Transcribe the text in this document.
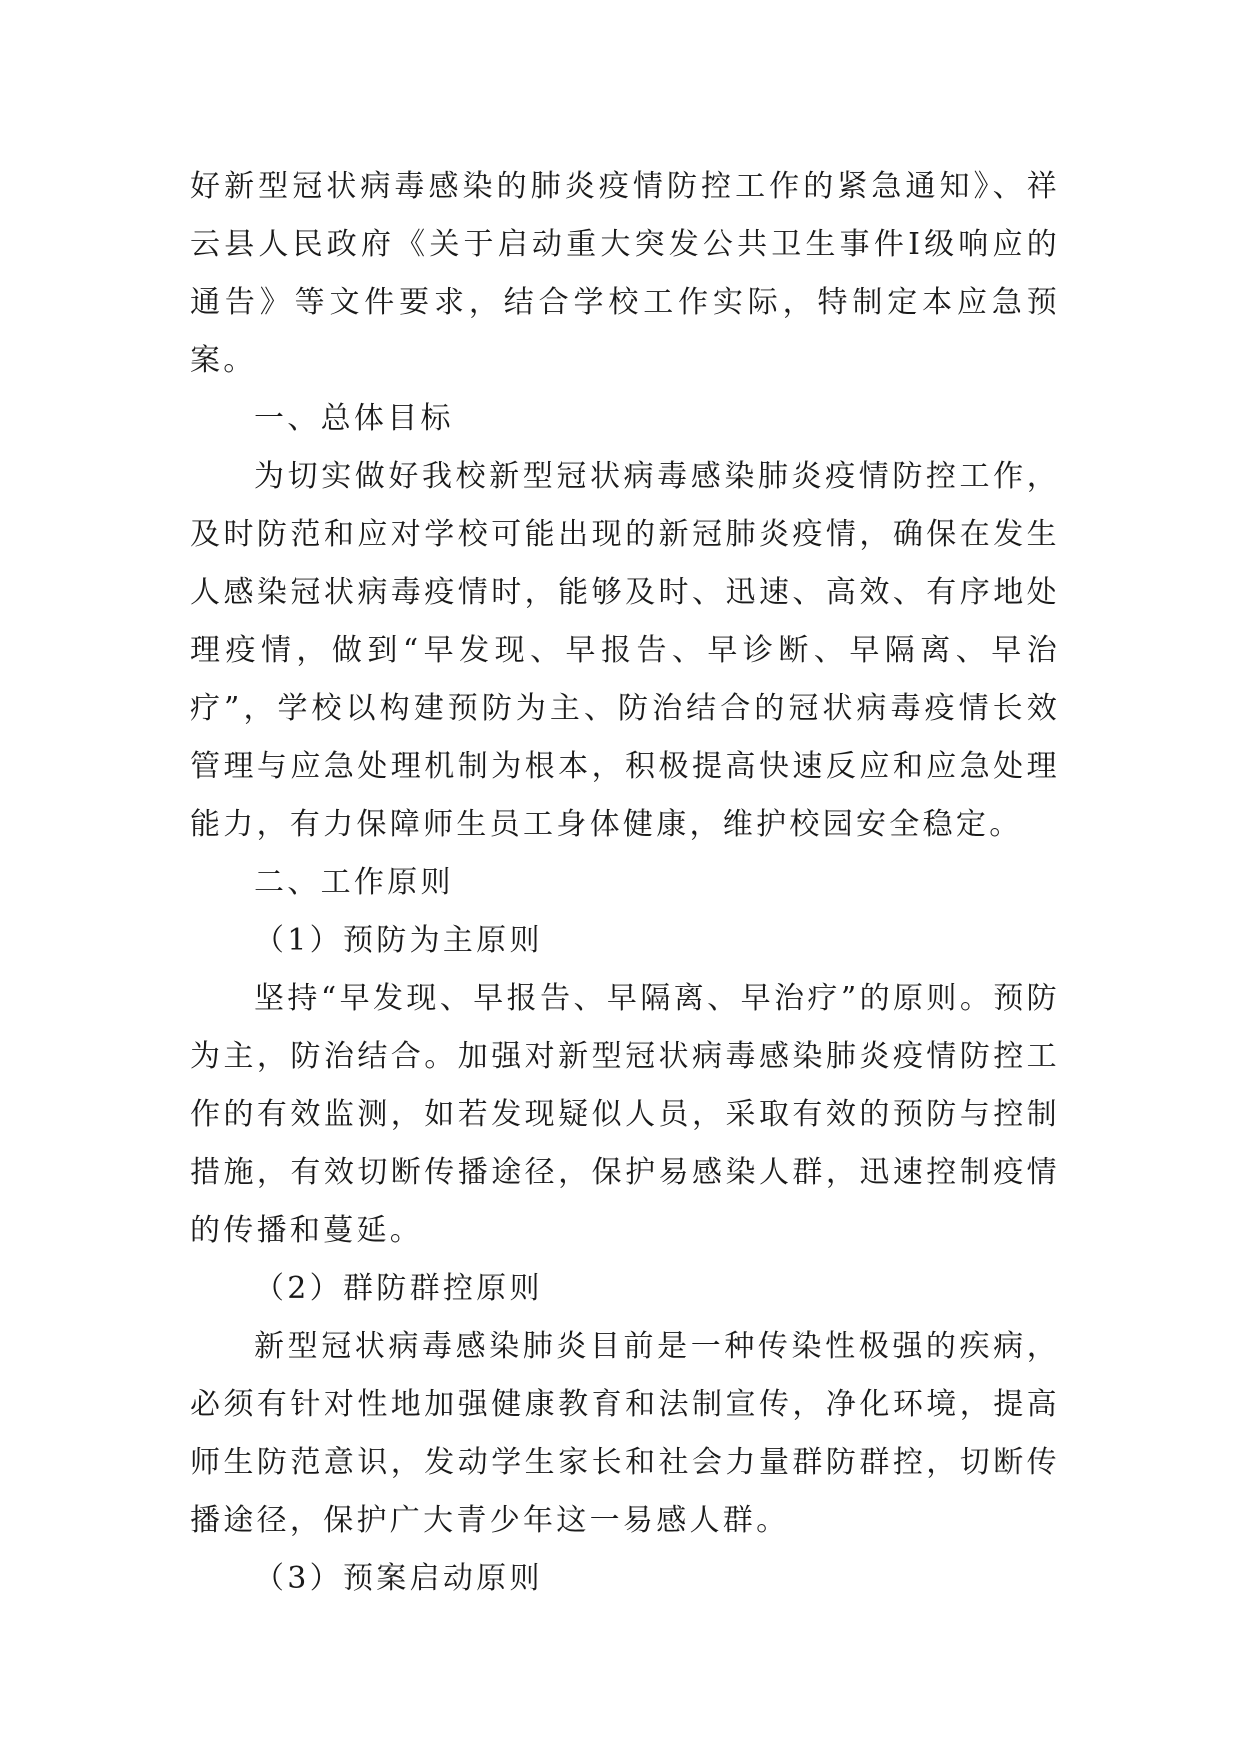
好新型冠状病毒感染的肺炎疫情防控工作的紧急通知》、祥云县人民政府《关于启动重大突发公共卫生事件Ⅰ级响应的通告》等文件要求，结合学校工作实际，特制定本应急预案。

一、总体目标

为切实做好我校新型冠状病毒感染肺炎疫情防控工作，及时防范和应对学校可能出现的新冠肺炎疫情，确保在发生人感染冠状病毒疫情时，能够及时、迅速、高效、有序地处理疫情，做到“早发现、早报告、早诊断、早隔离、早治疗”，学校以构建预防为主、防治结合的冠状病毒疫情长效管理与应急处理机制为根本，积极提高快速反应和应急处理能力，有力保障师生员工身体健康，维护校园安全稳定。

二、工作原则

（1）预防为主原则

坚持“早发现、早报告、早隔离、早治疗”的原则。预防为主，防治结合。加强对新型冠状病毒感染肺炎疫情防控工作的有效监测，如若发现疑似人员，采取有效的预防与控制措施，有效切断传播途径，保护易感染人群，迅速控制疫情的传播和蔓延。

（2）群防群控原则

新型冠状病毒感染肺炎目前是一种传染性极强的疾病，必须有针对性地加强健康教育和法制宣传，净化环境，提高师生防范意识，发动学生家长和社会力量群防群控，切断传播途径，保护广大青少年这一易感人群。

（3）预案启动原则
